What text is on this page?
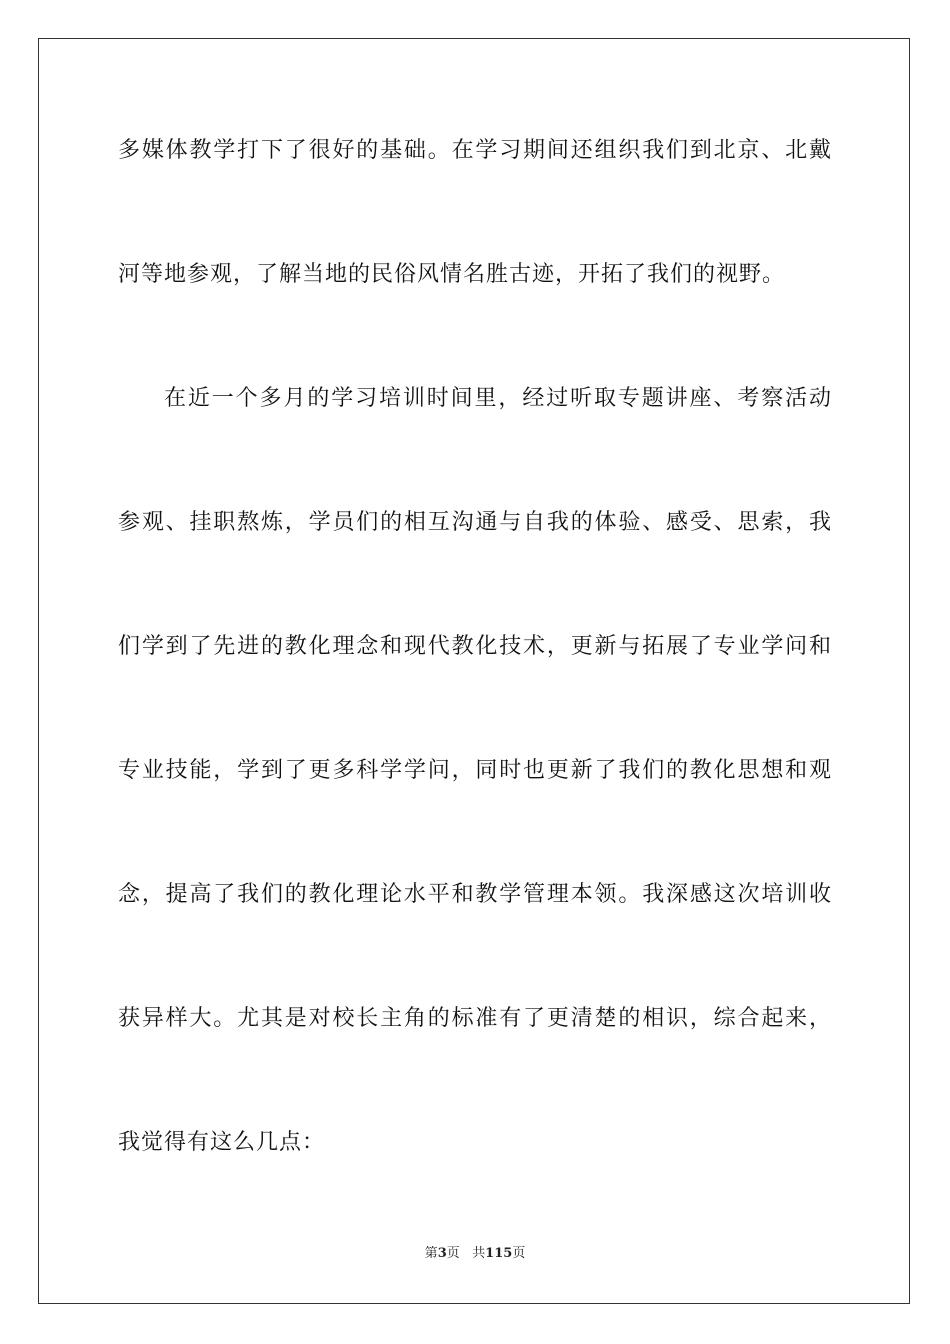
多媒体教学打下了很好的基础。在学习期间还组织我们到北京、北戴
河等地参观，了解当地的民俗风情名胜古迹，开拓了我们的视野。
在近一个多月的学习培训时间里，经过听取专题讲座、考察活动
参观、挂职熬炼，学员们的相互沟通与自我的体验、感受、思索，我
们学到了先进的教化理念和现代教化技术，更新与拓展了专业学问和
专业技能，学到了更多科学学问，同时也更新了我们的教化思想和观
念，提高了我们的教化理论水平和教学管理本领。我深感这次培训收
获异样大。尤其是对校长主角的标准有了更清楚的相识，综合起来，
我觉得有这么几点：
第3页 共115页
